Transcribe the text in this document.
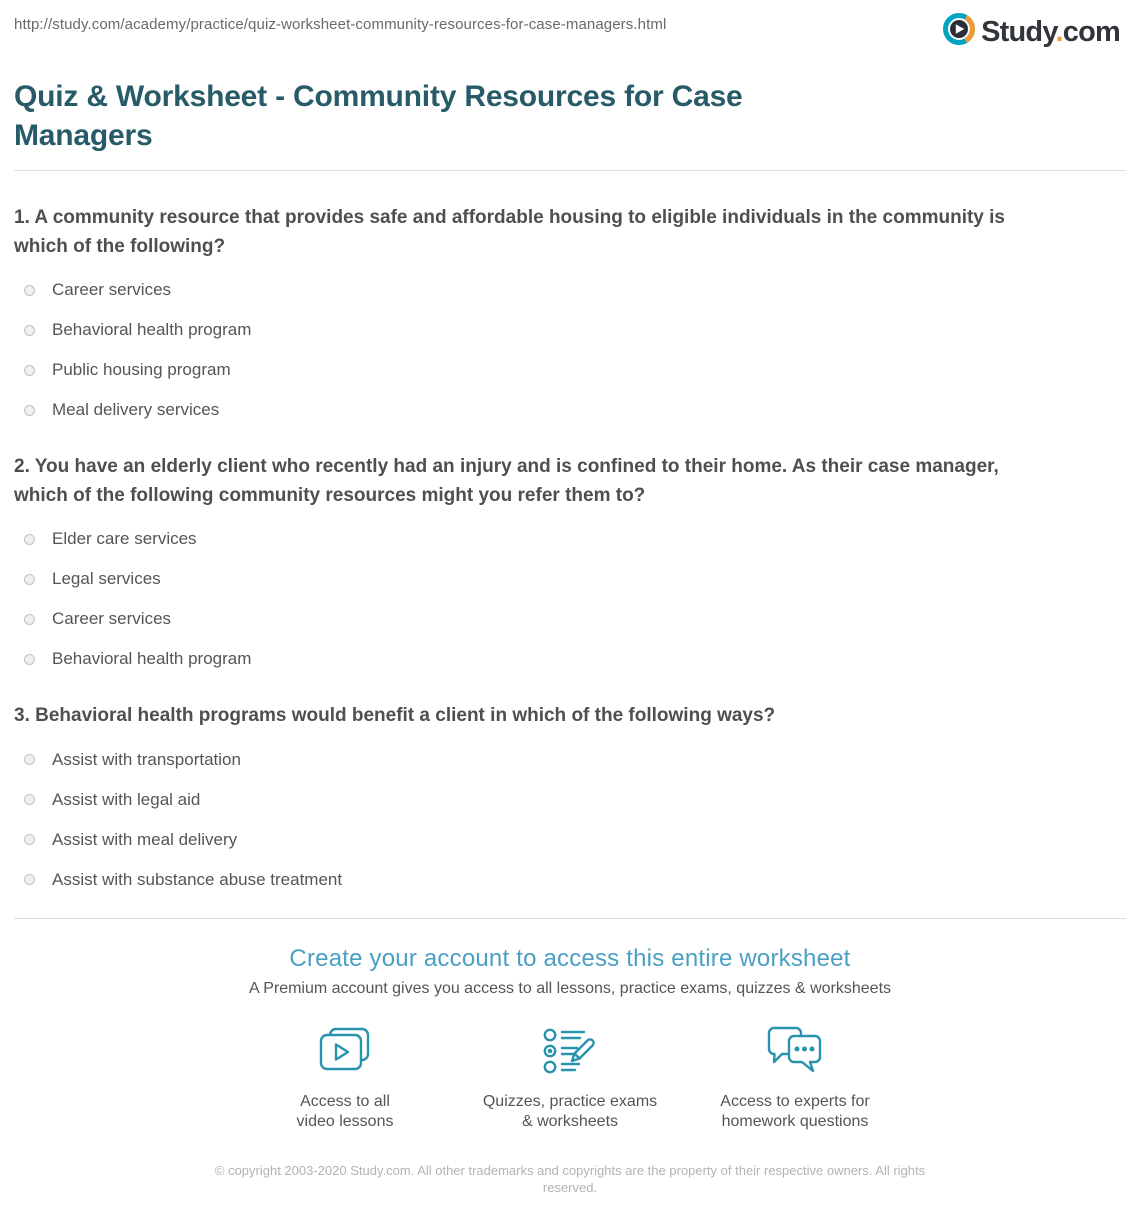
http://study.com/academy/practice/quiz-worksheet-community-resources-for-case-managers.html	Study.com
Quiz & Worksheet - Community Resources for Case Managers
1. A community resource that provides safe and affordable housing to eligible individuals in the community is which of the following?
Career services
Behavioral health program
Public housing program
Meal delivery services
2. You have an elderly client who recently had an injury and is confined to their home. As their case manager, which of the following community resources might you refer them to?
Elder care services
Legal services
Career services
Behavioral health program
3. Behavioral health programs would benefit a client in which of the following ways?
Assist with transportation
Assist with legal aid
Assist with meal delivery
Assist with substance abuse treatment
Create your account to access this entire worksheet
A Premium account gives you access to all lessons, practice exams, quizzes & worksheets
Access to all
video lessons
Quizzes, practice exams
& worksheets
Access to experts for
homework questions
© copyright 2003-2020 Study.com. All other trademarks and copyrights are the property of their respective owners. All rights reserved.
